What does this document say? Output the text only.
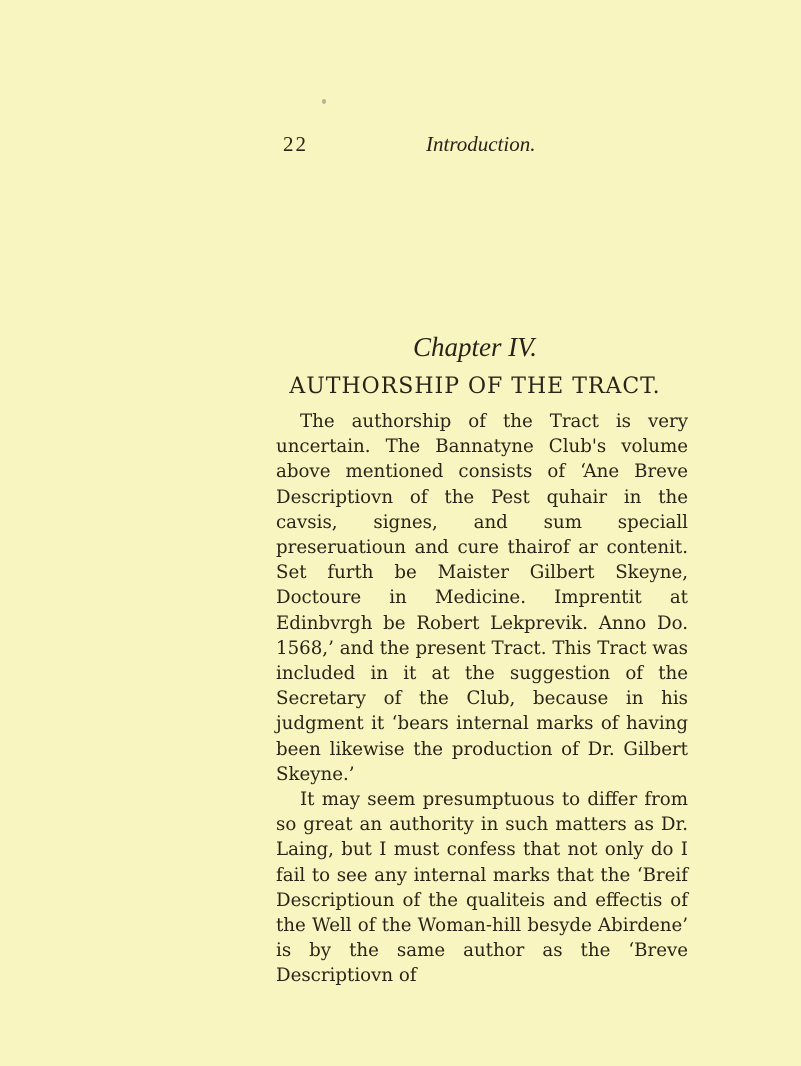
22	Introduction.
Chapter IV.
AUTHORSHIP OF THE TRACT.

The authorship of the Tract is very uncertain. The Bannatyne Club's volume above mentioned consists of ‘Ane Breve Descriptiovn of the Pest quhair in the cavsis, signes, and sum speciall preseruatioun and cure thairof ar contenit. Set furth be Maister Gilbert Skeyne, Doctoure in Medicine. Imprentit at Edinbvrgh be Robert Lekprevik. Anno Do. 1568,’ and the present Tract. This Tract was included in it at the suggestion of the Secretary of the Club, because in his judgment it ‘bears internal marks of having been likewise the production of Dr. Gilbert Skeyne.’

It may seem presumptuous to differ from so great an authority in such matters as Dr. Laing, but I must confess that not only do I fail to see any internal marks that the ‘Breif Descriptioun of the qualiteis and effectis of the Well of the Woman-hill besyde Abirdene’ is by the same author as the ‘Breve Descriptiovn of
